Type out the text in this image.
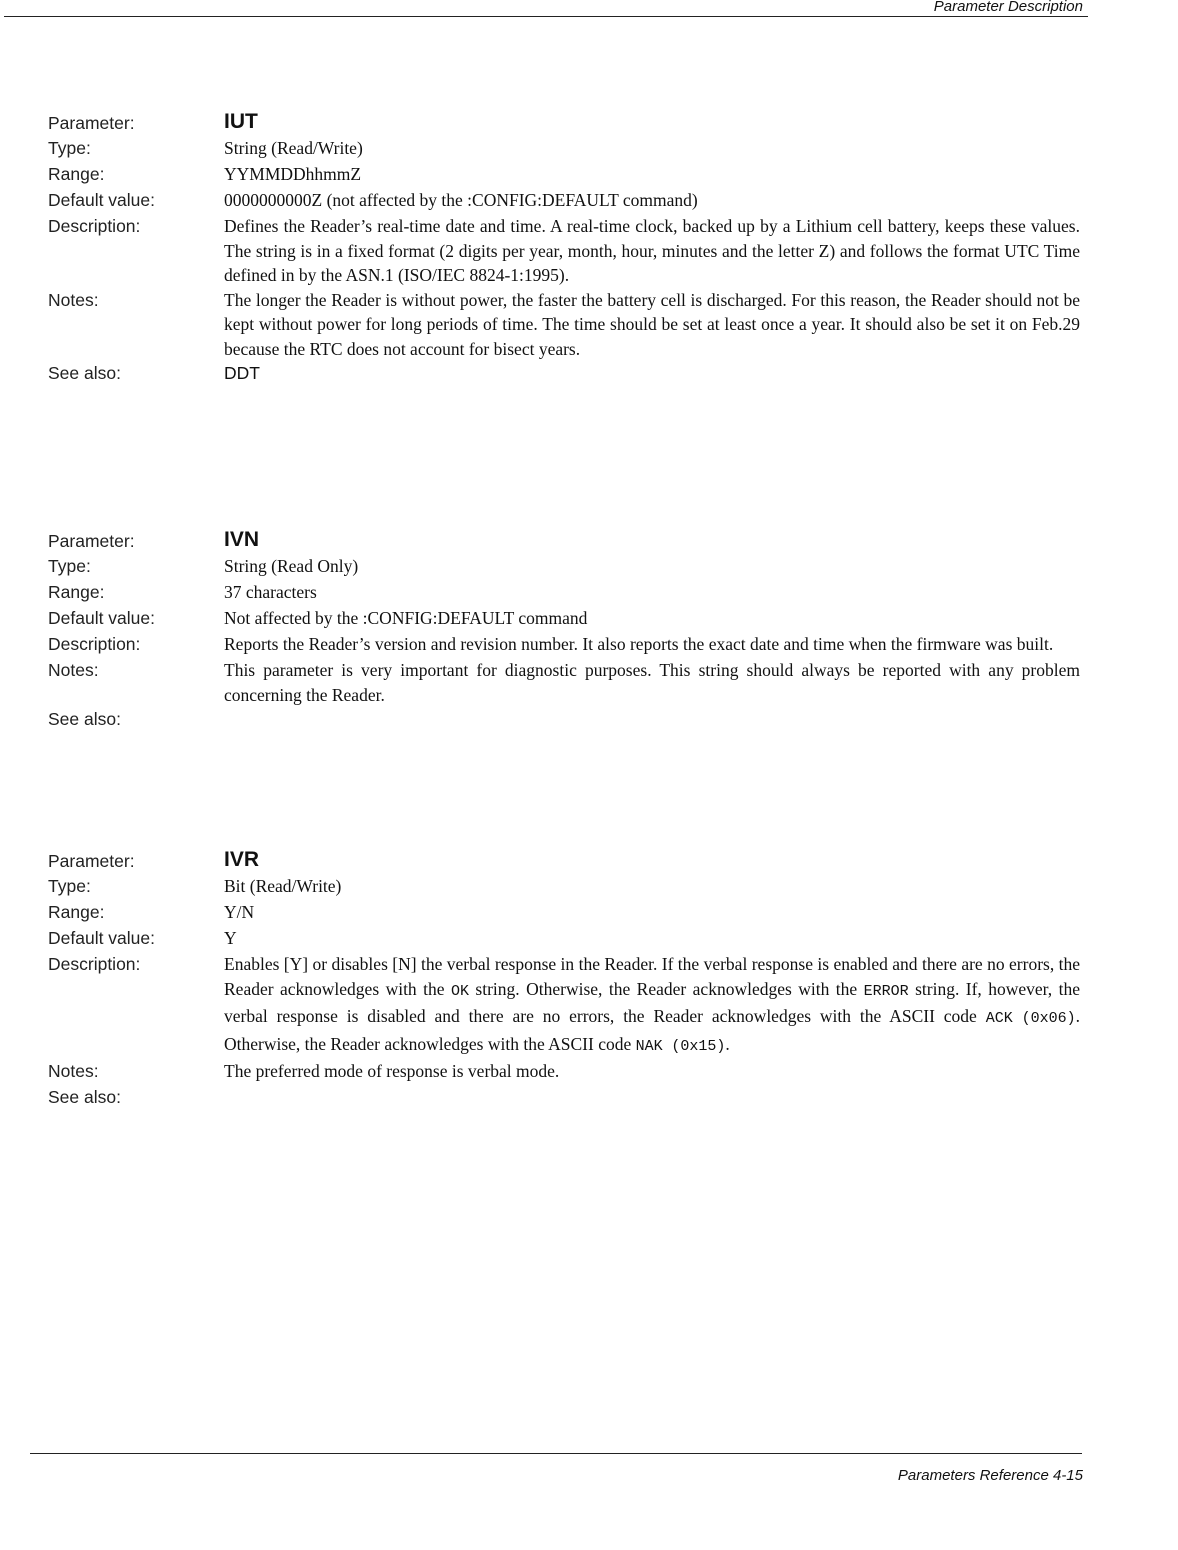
Parameter Description
Parameter:	IUT
Type:	String (Read/Write)
Range:	YYMMDDhhmmZ
Default value:	0000000000Z (not affected by the :CONFIG:DEFAULT command)
Description:	Defines the Reader’s real-time date and time. A real-time clock, backed up by a Lithium cell battery, keeps these values. The string is in a fixed format (2 digits per year, month, hour, minutes and the letter Z) and follows the format UTC Time defined in by the ASN.1 (ISO/IEC 8824-1:1995).
Notes:	The longer the Reader is without power, the faster the battery cell is discharged. For this reason, the Reader should not be kept without power for long periods of time. The time should be set at least once a year. It should also be set it on Feb.29 because the RTC does not account for bisect years.
See also:	DDT
Parameter:	IVN
Type:	String (Read Only)
Range:	37 characters
Default value:	Not affected by the :CONFIG:DEFAULT command
Description:	Reports the Reader’s version and revision number. It also reports the exact date and time when the firmware was built.
Notes:	This parameter is very important for diagnostic purposes. This string should always be reported with any problem concerning the Reader.
See also:
Parameter:	IVR
Type:	Bit (Read/Write)
Range:	Y/N
Default value:	Y
Description:	Enables [Y] or disables [N] the verbal response in the Reader. If the verbal response is enabled and there are no errors, the Reader acknowledges with the OK string. Otherwise, the Reader acknowledges with the ERROR string. If, however, the verbal response is disabled and there are no errors, the Reader acknowledges with the ASCII code ACK (0x06). Otherwise, the Reader acknowledges with the ASCII code NAK (0x15).
Notes:	The preferred mode of response is verbal mode.
See also:
Parameters Reference 4-15
